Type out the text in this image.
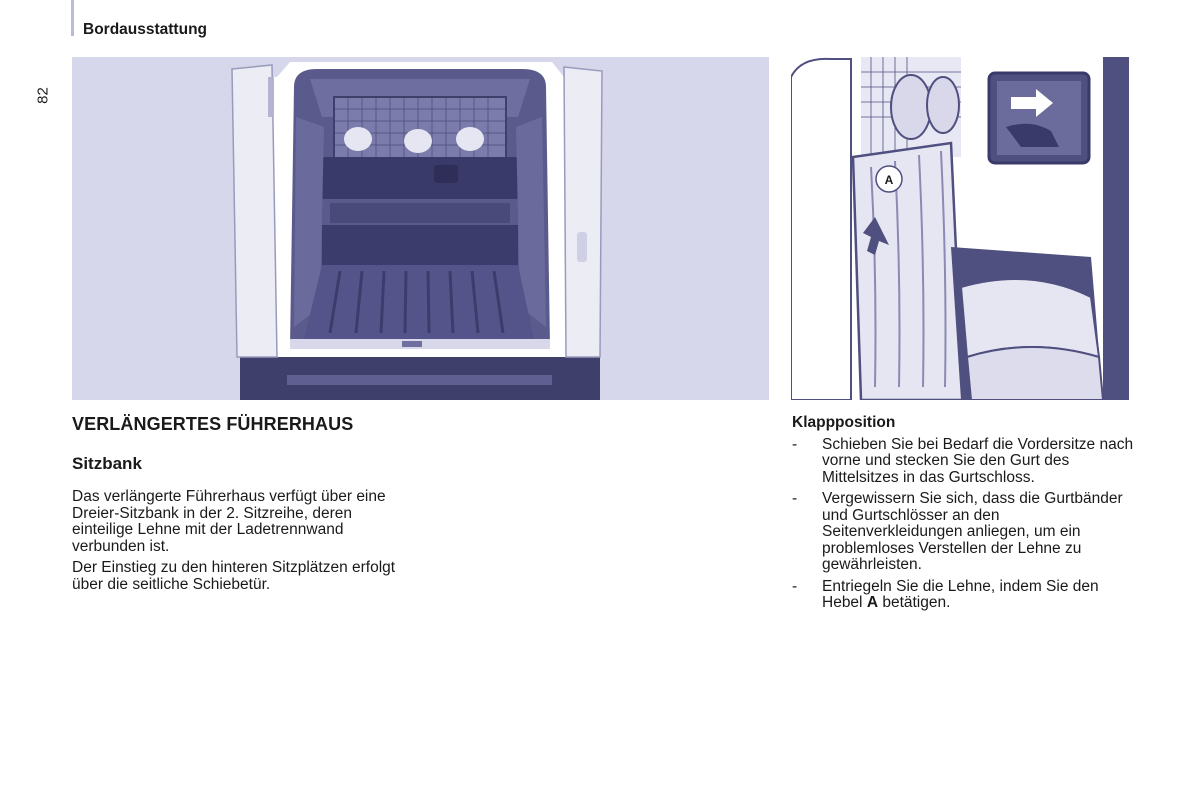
Bordausstattung
82
A
VERLÄNGERTES FÜHRERHAUS
Sitzbank

Das verlängerte Führerhaus verfügt über eine Dreier-Sitzbank in der 2. Sitzreihe, deren einteilige Lehne mit der Ladetrennwand verbunden ist.

Der Einstieg zu den hinteren Sitzplätzen erfolgt über die seitliche Schiebetür.

Klappposition
- Schieben Sie bei Bedarf die Vordersitze nach vorne und stecken Sie den Gurt des Mittelsitzes in das Gurtschloss.
- Vergewissern Sie sich, dass die Gurtbänder und Gurtschlösser an den Seitenverkleidungen anliegen, um ein problemloses Verstellen der Lehne zu gewährleisten.
- Entriegeln Sie die Lehne, indem Sie den Hebel A betätigen.
